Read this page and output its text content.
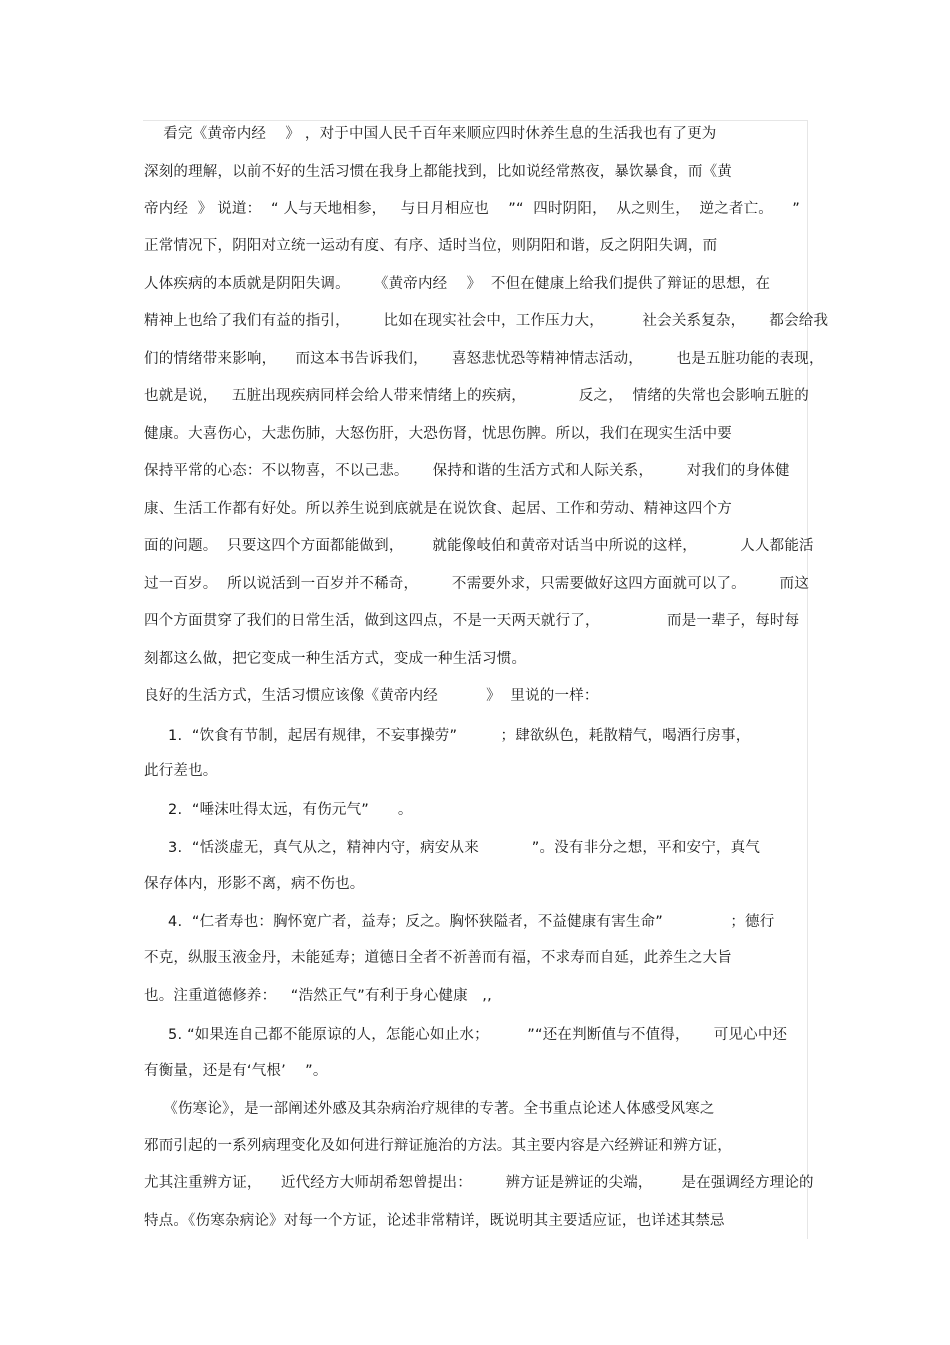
看完《黄帝内经    》 ，对于中国人民千百年来顺应四时休养生息的生活我也有了更为
深刻的理解，以前不好的生活习惯在我身上都能找到，比如说经常熬夜，暴饮暴食，而《黄
帝内经  》 说道：  “ 人与天地相参，   与日月相应也    ”“  四时阴阳，  从之则生，  逆之者亡。    ”
正常情况下，阴阳对立统一运动有度、有序、适时当位，则阴阳和谐，反之阴阳失调，而
人体疾病的本质就是阴阳失调。     《黄帝内经    》  不但在健康上给我们提供了辩证的思想，在
精神上也给了我们有益的指引，       比如在现实社会中，工作压力大，        社会关系复杂，     都会给我
们的情绪带来影响，    而这本书告诉我们，     喜怒悲忧恐等精神情志活动，       也是五脏功能的表现，
也就是说，   五脏出现疾病同样会给人带来情绪上的疾病，           反之，  情绪的失常也会影响五脏的
健康。大喜伤心，大悲伤肺，大怒伤肝，大恐伤肾，忧思伤脾。所以，我们在现实生活中要
保持平常的心态：不以物喜，不以己悲。     保持和谐的生活方式和人际关系，       对我们的身体健
康、生活工作都有好处。所以养生说到底就是在说饮食、起居、工作和劳动、精神这四个方
面的问题。  只要这四个方面都能做到，      就能像岐伯和黄帝对话当中所说的这样，         人人都能活
过一百岁。  所以说活到一百岁并不稀奇，       不需要外求，只需要做好这四方面就可以了。       而这
四个方面贯穿了我们的日常生活，做到这四点，不是一天两天就行了，              而是一辈子，每时每
刻都这么做，把它变成一种生活方式，变成一种生活习惯。
良好的生活方式，生活习惯应该像《黄帝内经          》  里说的一样：
1.  “饮食有节制，起居有规律，不妄事操劳”         ；肆欲纵色，耗散精气，喝酒行房事，
此行差也。
2.  “唾沫吐得太远，有伤元气”      。
3.  “恬淡虚无，真气从之，精神内守，病安从来           ”。没有非分之想，平和安宁，真气
保存体内，形影不离，病不伤也。
4.  “仁者寿也：胸怀宽广者，益寿；反之。胸怀狭隘者，不益健康有害生命”              ；德行
不克，纵服玉液金丹，未能延寿；道德日全者不祈善而有福，不求寿而自延，此养生之大旨
也。注重道德修养：   “浩然正气”有利于身心健康   ,,
5. “如果连自己都不能原谅的人，怎能心如止水；        ”“还在判断值与不值得，     可见心中还
有衡量，还是有‘气根’    ”。
《伤寒论》，是一部阐述外感及其杂病治疗规律的专著。全书重点论述人体感受风寒之
邪而引起的一系列病理变化及如何进行辩证施治的方法。其主要内容是六经辨证和辨方证，
尤其注重辨方证，    近代经方大师胡希恕曾提出：       辨方证是辨证的尖端，      是在强调经方理论的
特点。《伤寒杂病论》对每一个方证，论述非常精详，既说明其主要适应证，也详述其禁忌
